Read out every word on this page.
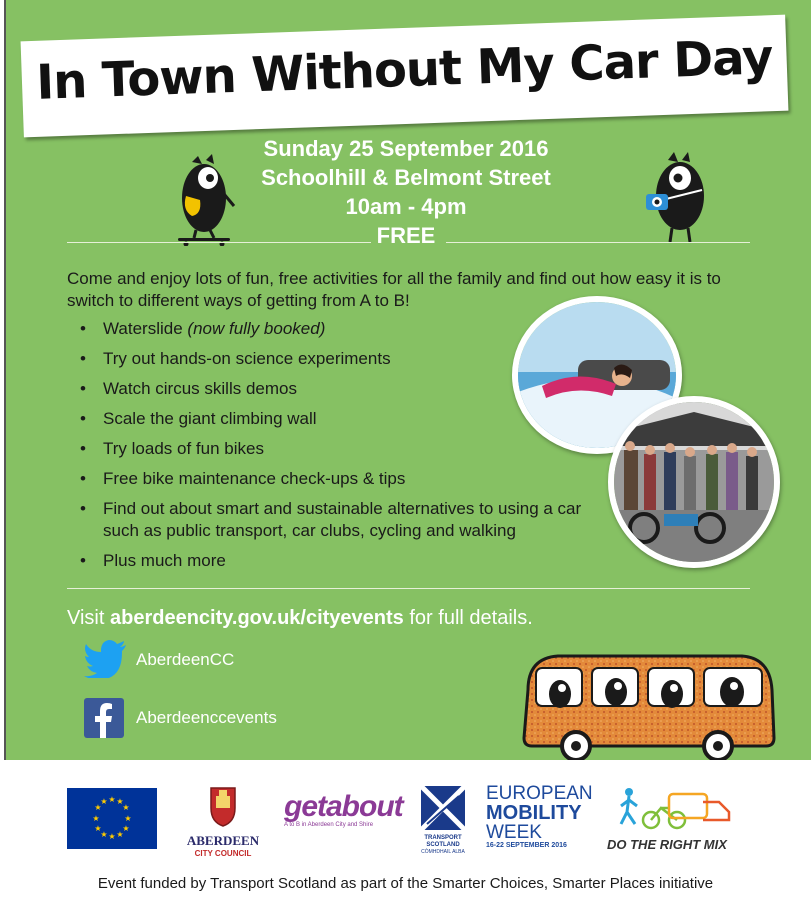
In Town Without My Car Day
Sunday 25 September 2016
Schoolhill & Belmont Street
10am - 4pm
FREE
Come and enjoy lots of fun, free activities for all the family and find out how easy it is to switch to different ways of getting from A to B!
• Waterslide (now fully booked)
• Try out hands-on science experiments
• Watch circus skills demos
• Scale the giant climbing wall
• Try loads of fun bikes
• Free bike maintenance check-ups & tips
• Find out about smart and sustainable alternatives to using a car such as public transport, car clubs, cycling and walking
• Plus much more
Visit aberdeencity.gov.uk/cityevents for full details.
AberdeenCC
Aberdeenccevents
★ ★
★
★
★
★
★
★
★
★
★
★
ABERDEEN
CITY COUNCIL
getabout
A to B in Aberdeen City and Shire
TRANSPORT
SCOTLAND
CÒMHDHAIL ALBA
EUROPEAN
MOBILITY
WEEK
16-22 SEPTEMBER 2016	DO THE RIGHT MIX
Event funded by Transport Scotland as part of the Smarter Choices, Smarter Places initiative
